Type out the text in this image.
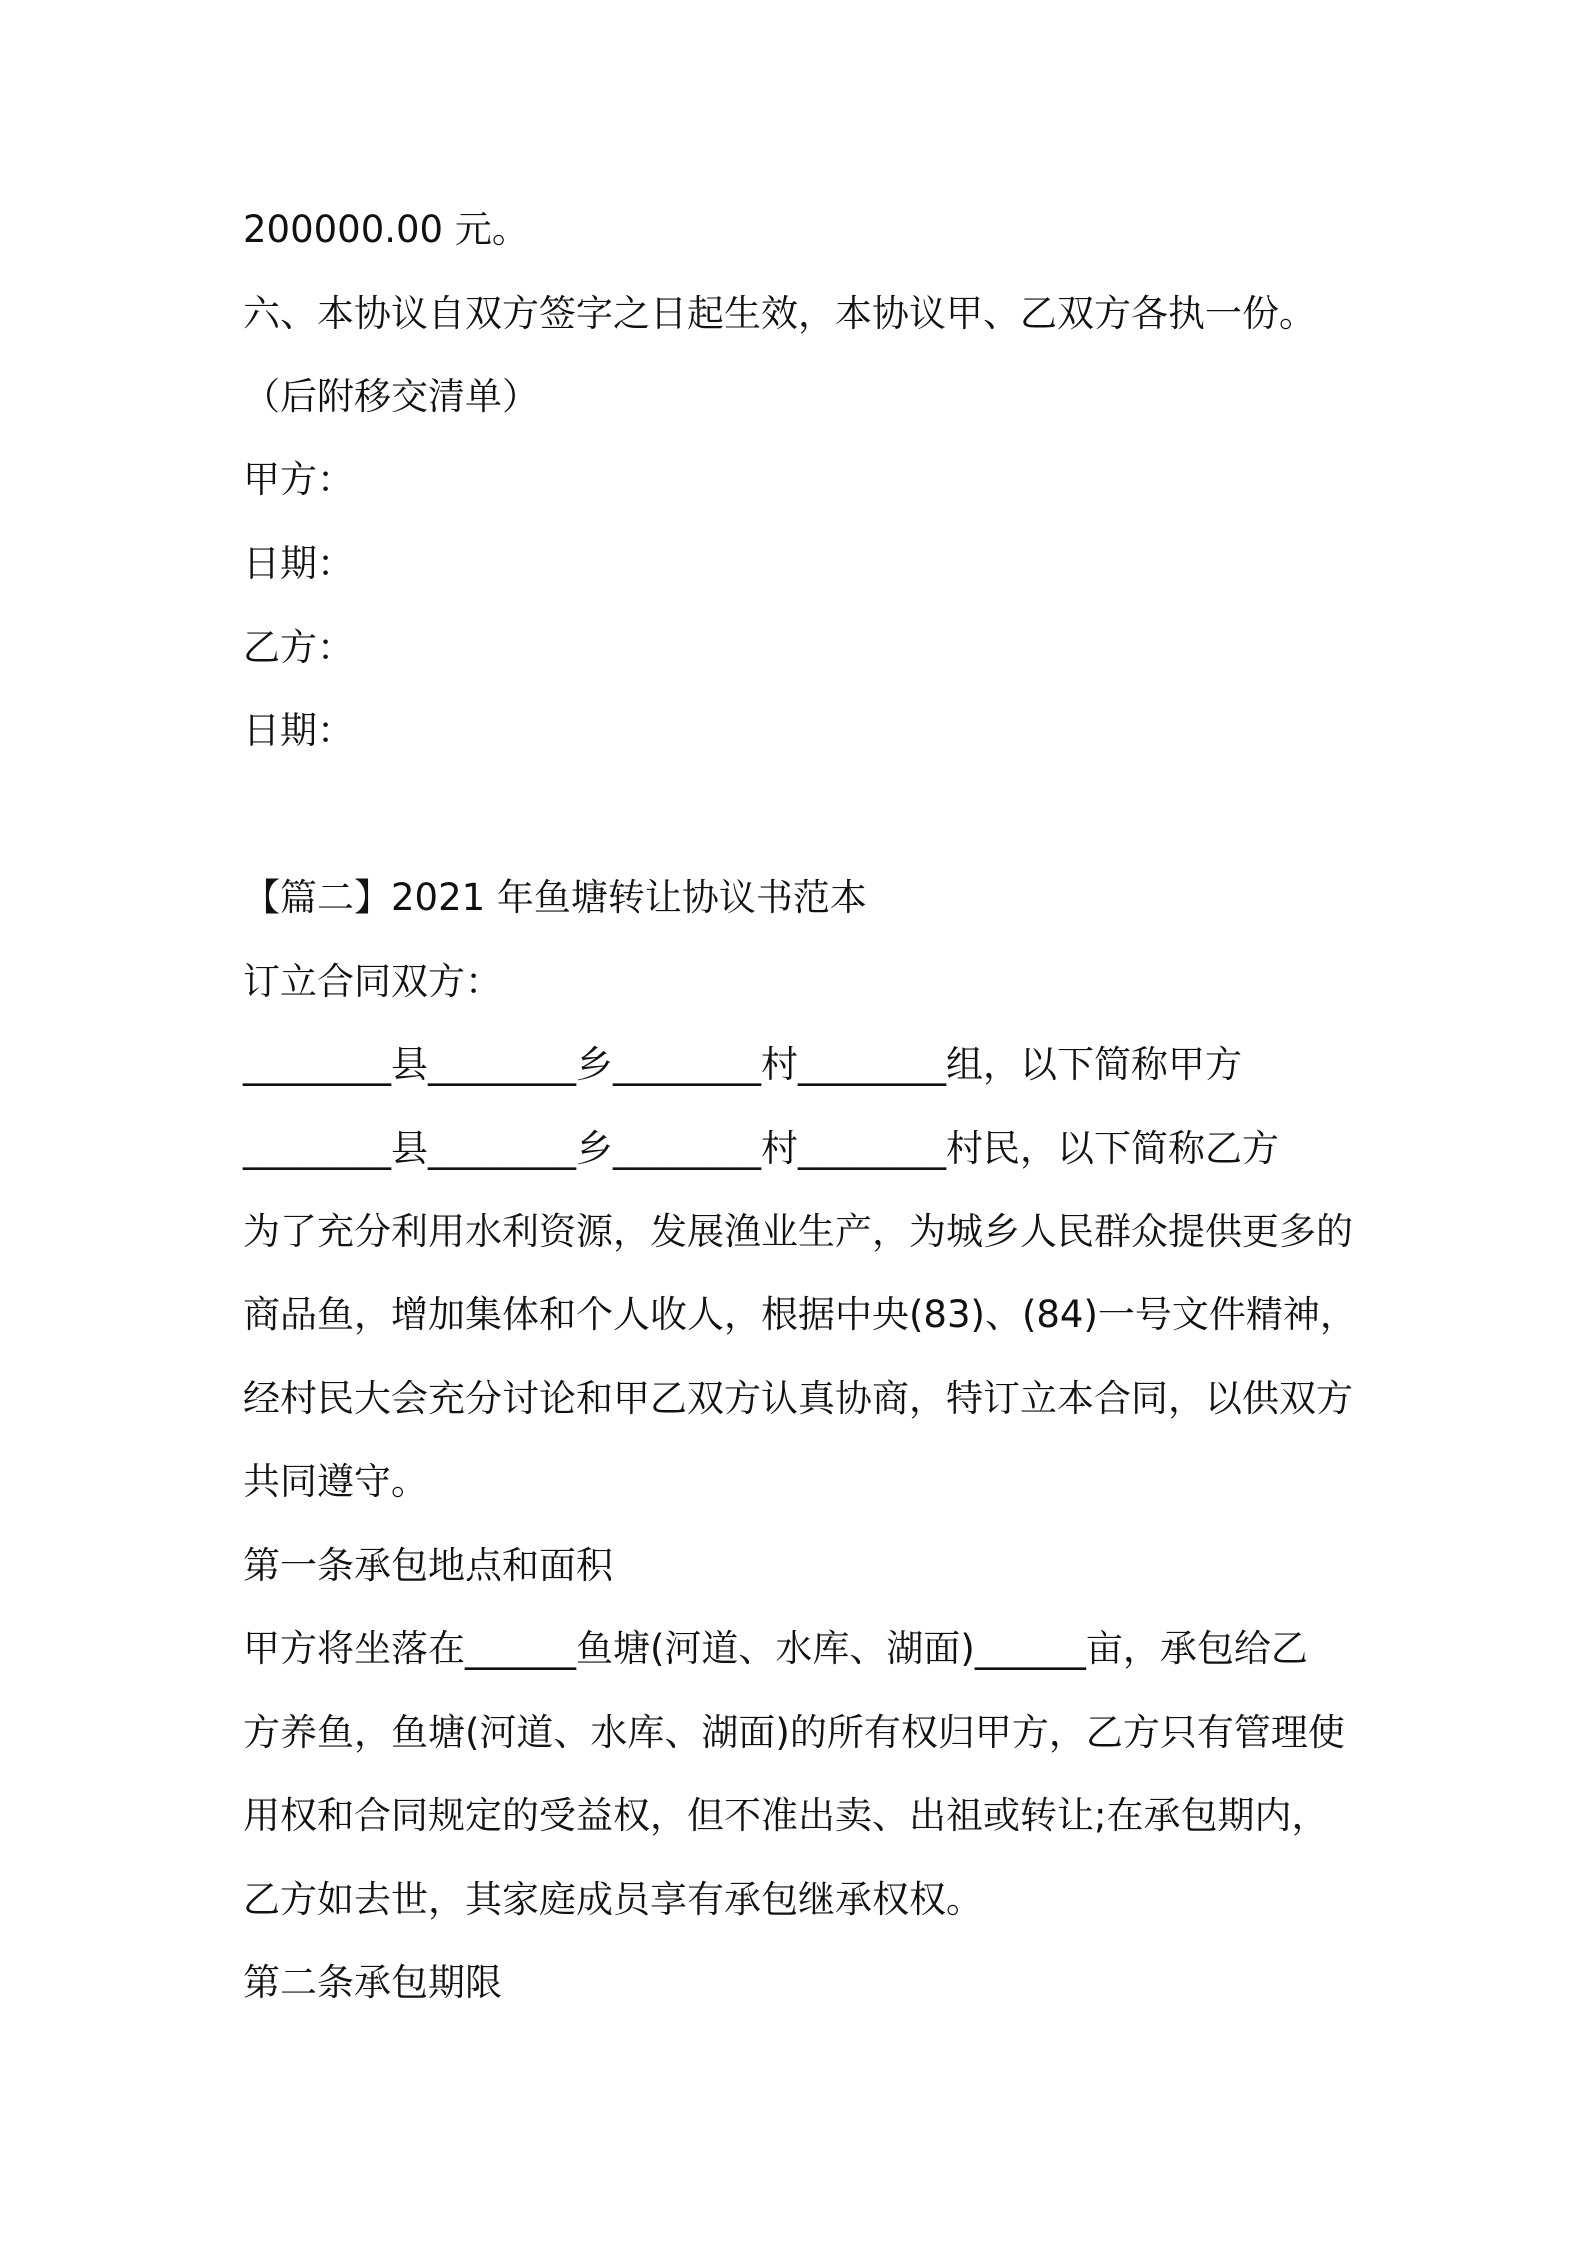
200000.00 元。
六、本协议自双方签字之日起生效，本协议甲、乙双方各执一份。
（后附移交清单）
甲方：
日期：
乙方：
日期：
【篇二】2021 年鱼塘转让协议书范本
订立合同双方：
________县________乡________村________组，以下简称甲方
________县________乡________村________村民，以下简称乙方
为了充分利用水利资源，发展渔业生产，为城乡人民群众提供更多的
商品鱼，增加集体和个人收人，根据中央(83)、(84)一号文件精神，
经村民大会充分讨论和甲乙双方认真协商，特订立本合同，以供双方
共同遵守。
第一条承包地点和面积
甲方将坐落在______鱼塘(河道、水库、湖面)______亩，承包给乙
方养鱼，鱼塘(河道、水库、湖面)的所有权归甲方，乙方只有管理使
用权和合同规定的受益权，但不准出卖、出祖或转让;在承包期内，
乙方如去世，其家庭成员享有承包继承权权。
第二条承包期限
